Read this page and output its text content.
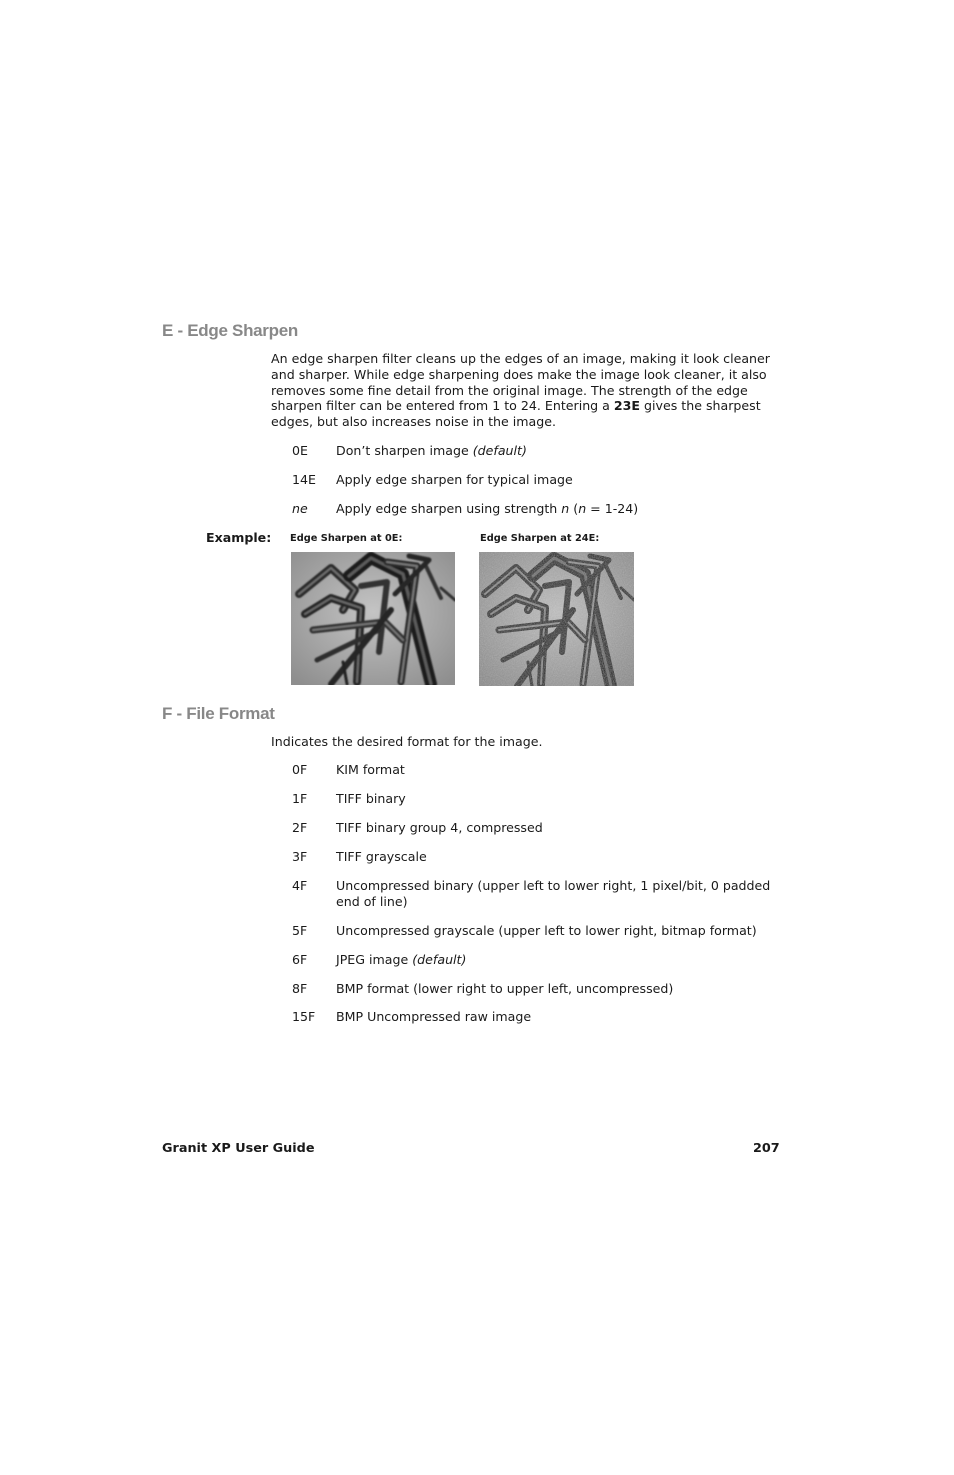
E - Edge Sharpen

An edge sharpen filter cleans up the edges of an image, making it look cleaner and sharper. While edge sharpening does make the image look cleaner, it also removes some fine detail from the original image. The strength of the edge sharpen filter can be entered from 1 to 24. Entering a 23E gives the sharpest edges, but also increases noise in the image.

0E	Don’t sharpen image (default)
14E	Apply edge sharpen for typical image
ne	Apply edge sharpen using strength n (n = 1-24)
Example: Edge Sharpen at 0E:	Edge Sharpen at 24E:
F - File Format

Indicates the desired format for the image.

0F	KIM format
1F	TIFF binary
2F	TIFF binary group 4, compressed
3F	TIFF grayscale
4F	Uncompressed binary (upper left to lower right, 1 pixel/bit, 0 padded end of line)
5F	Uncompressed grayscale (upper left to lower right, bitmap format)
6F	JPEG image (default)
8F	BMP format (lower right to upper left, uncompressed)
15F	BMP Uncompressed raw image
Granit XP User Guide	207
